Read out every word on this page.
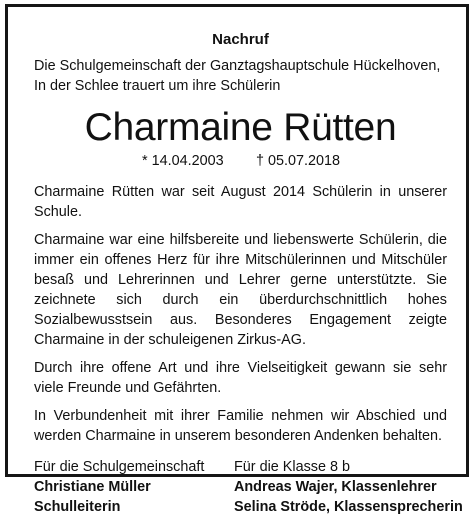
Nachruf

Die Schulgemeinschaft der Ganztagshauptschule Hückelhoven, In der Schlee trauert um ihre Schülerin

Charmaine Rütten
* 14.04.2003 † 05.07.2018

Charmaine Rütten war seit August 2014 Schülerin in unserer Schule.

Charmaine war eine hilfsbereite und liebenswerte Schülerin, die immer ein offenes Herz für ihre Mitschülerinnen und Mitschüler besaß und Lehrerinnen und Lehrer gerne unterstützte. Sie zeichnete sich durch ein überdurchschnittlich hohes Sozialbewusstsein aus. Besonderes Engagement zeigte Charmaine in der schuleigenen Zirkus-AG.

Durch ihre offene Art und ihre Vielseitigkeit gewann sie sehr viele Freunde und Gefährten.

In Verbundenheit mit ihrer Familie nehmen wir Abschied und werden Charmaine in unserem besonderen Andenken behalten.

Für die Schulgemeinschaft
Christiane Müller
Schulleiterin
Für die Klasse 8 b
Andreas Wajer, Klassenlehrer
Selina Ströde, Klassensprecherin
